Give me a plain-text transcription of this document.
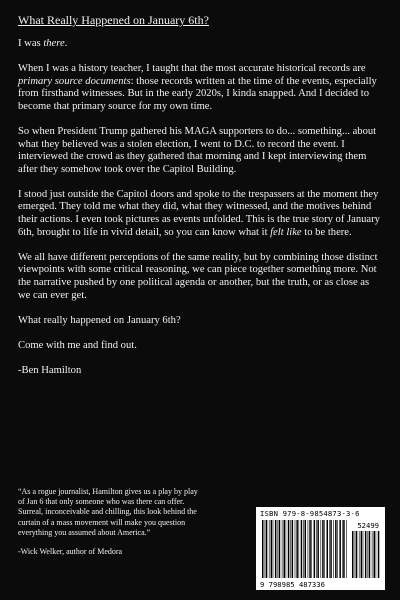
What Really Happened on January 6th?

I was there.

When I was a history teacher, I taught that the most accurate historical records are primary source documents: those records written at the time of the events, especially from firsthand witnesses. But in the early 2020s, I kinda snapped. And I decided to become that primary source for my own time.

So when President Trump gathered his MAGA supporters to do... something... about what they believed was a stolen election, I went to D.C. to record the event. I interviewed the crowd as they gathered that morning and I kept interviewing them after they somehow took over the Capitol Building.

I stood just outside the Capitol doors and spoke to the trespassers at the moment they emerged. They told me what they did, what they witnessed, and the motives behind their actions. I even took pictures as events unfolded. This is the true story of January 6th, brought to life in vivid detail, so you can know what it felt like to be there.

We all have different perceptions of the same reality, but by combining those distinct viewpoints with some critical reasoning, we can piece together something more. Not the narrative pushed by one political agenda or another, but the truth, or as close as we can ever get.

What really happened on January 6th?

Come with me and find out.

-Ben Hamilton

“As a rogue journalist, Hamilton gives us a play by play of Jan 6 that only someone who was there can offer. Surreal, inconceivable and chilling, this look behind the curtain of a mass movement will make you question everything you assumed about America.”

-Wick Welker, author of Medora

ISBN 979-8-9854873-3-6
52499
9 798985 487336
